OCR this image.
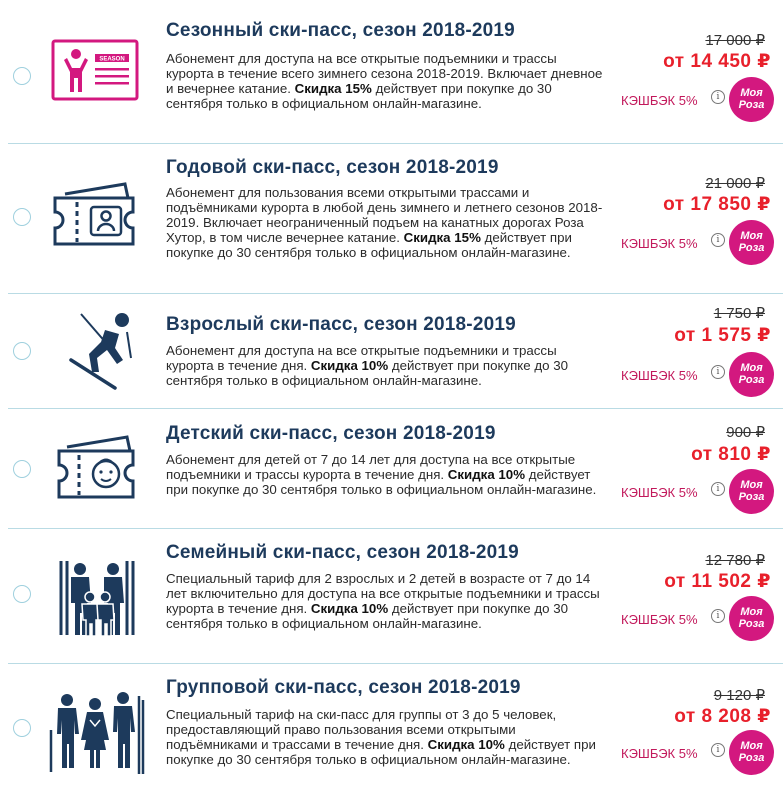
SEASON
Сезонный ски-пасс, сезон 2018-2019
Абонемент для доступа на все открытые подъемники и трассы курорта в течение всего зимнего сезона 2018-2019. Включает дневное и вечернее катание. Скидка 15% действует при покупке до 30 сентября только в официальном онлайн-магазине.
17 000 ₽
от 14 450 ₽
КЭШБЭК 5%	i	Моя Роза
Годовой ски-пасс, сезон 2018-2019
Абонемент для пользования всеми открытыми трассами и подъёмниками курорта в любой день зимнего и летнего сезонов 2018-2019. Включает неограниченный подъем на канатных дорогах Роза Хутор, в том числе вечернее катание. Скидка 15% действует при покупке до 30 сентября только в официальном онлайн-магазине.
21 000 ₽
от 17 850 ₽
КЭШБЭК 5%	i	Моя Роза
Взрослый ски-пасс, сезон 2018-2019
Абонемент для доступа на все открытые подъемники и трассы курорта в течение дня. Скидка 10% действует при покупке до 30 сентября только в официальном онлайн-магазине.
1 750 ₽
от 1 575 ₽
КЭШБЭК 5%	i	Моя Роза
Детский ски-пасс, сезон 2018-2019
Абонемент для детей от 7 до 14 лет для доступа на все открытые подъемники и трассы курорта в течение дня. Скидка 10% действует при покупке до 30 сентября только в официальном онлайн-магазине.
900 ₽
от 810 ₽
КЭШБЭК 5%	i	Моя Роза
Семейный ски-пасс, сезон 2018-2019
Специальный тариф для 2 взрослых и 2 детей в возрасте от 7 до 14 лет включительно для доступа на все открытые подъемники и трассы курорта в течение дня. Скидка 10% действует при покупке до 30 сентября только в официальном онлайн-магазине.
12 780 ₽
от 11 502 ₽
КЭШБЭК 5%	i	Моя Роза
Групповой ски-пасс, сезон 2018-2019
Специальный тариф на ски-пасс для группы от 3 до 5 человек, предоставляющий право пользования всеми открытыми подъёмниками и трассами в течение дня. Скидка 10% действует при покупке до 30 сентября только в официальном онлайн-магазине.
9 120 ₽
от 8 208 ₽
КЭШБЭК 5%	i	Моя Роза
